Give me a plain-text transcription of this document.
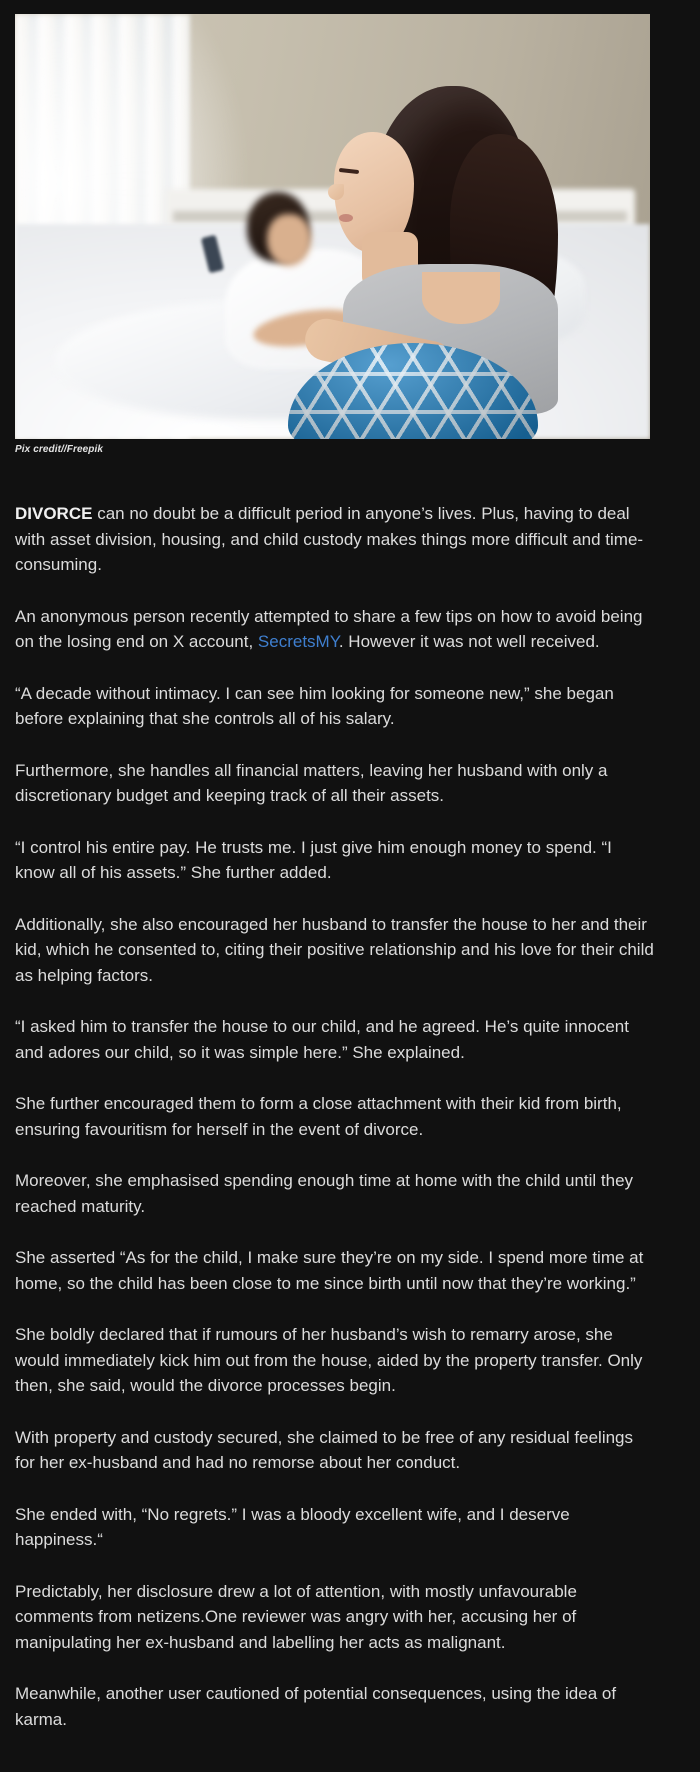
Pix credit//Freepik

DIVORCE can no doubt be a difficult period in anyone’s lives. Plus, having to deal with asset division, housing, and child custody makes things more difficult and time-consuming.

An anonymous person recently attempted to share a few tips on how to avoid being on the losing end on X account, SecretsMY. However it was not well received.

“A decade without intimacy. I can see him looking for someone new,” she began before explaining that she controls all of his salary.

Furthermore, she handles all financial matters, leaving her husband with only a discretionary budget and keeping track of all their assets.

“I control his entire pay. He trusts me. I just give him enough money to spend. “I know all of his assets.” She further added.

Additionally, she also encouraged her husband to transfer the house to her and their kid, which he consented to, citing their positive relationship and his love for their child as helping factors.

“I asked him to transfer the house to our child, and he agreed. He’s quite innocent and adores our child, so it was simple here.” She explained.

She further encouraged them to form a close attachment with their kid from birth, ensuring favouritism for herself in the event of divorce.

Moreover, she emphasised spending enough time at home with the child until they reached maturity.

She asserted “As for the child, I make sure they’re on my side. I spend more time at home, so the child has been close to me since birth until now that they’re working.”

She boldly declared that if rumours of her husband’s wish to remarry arose, she would immediately kick him out from the house, aided by the property transfer. Only then, she said, would the divorce processes begin.

With property and custody secured, she claimed to be free of any residual feelings for her ex-husband and had no remorse about her conduct.

She ended with, “No regrets.” I was a bloody excellent wife, and I deserve happiness.“

Predictably, her disclosure drew a lot of attention, with mostly unfavourable comments from netizens.One reviewer was angry with her, accusing her of manipulating her ex-husband and labelling her acts as malignant.

Meanwhile, another user cautioned of potential consequences, using the idea of karma.
